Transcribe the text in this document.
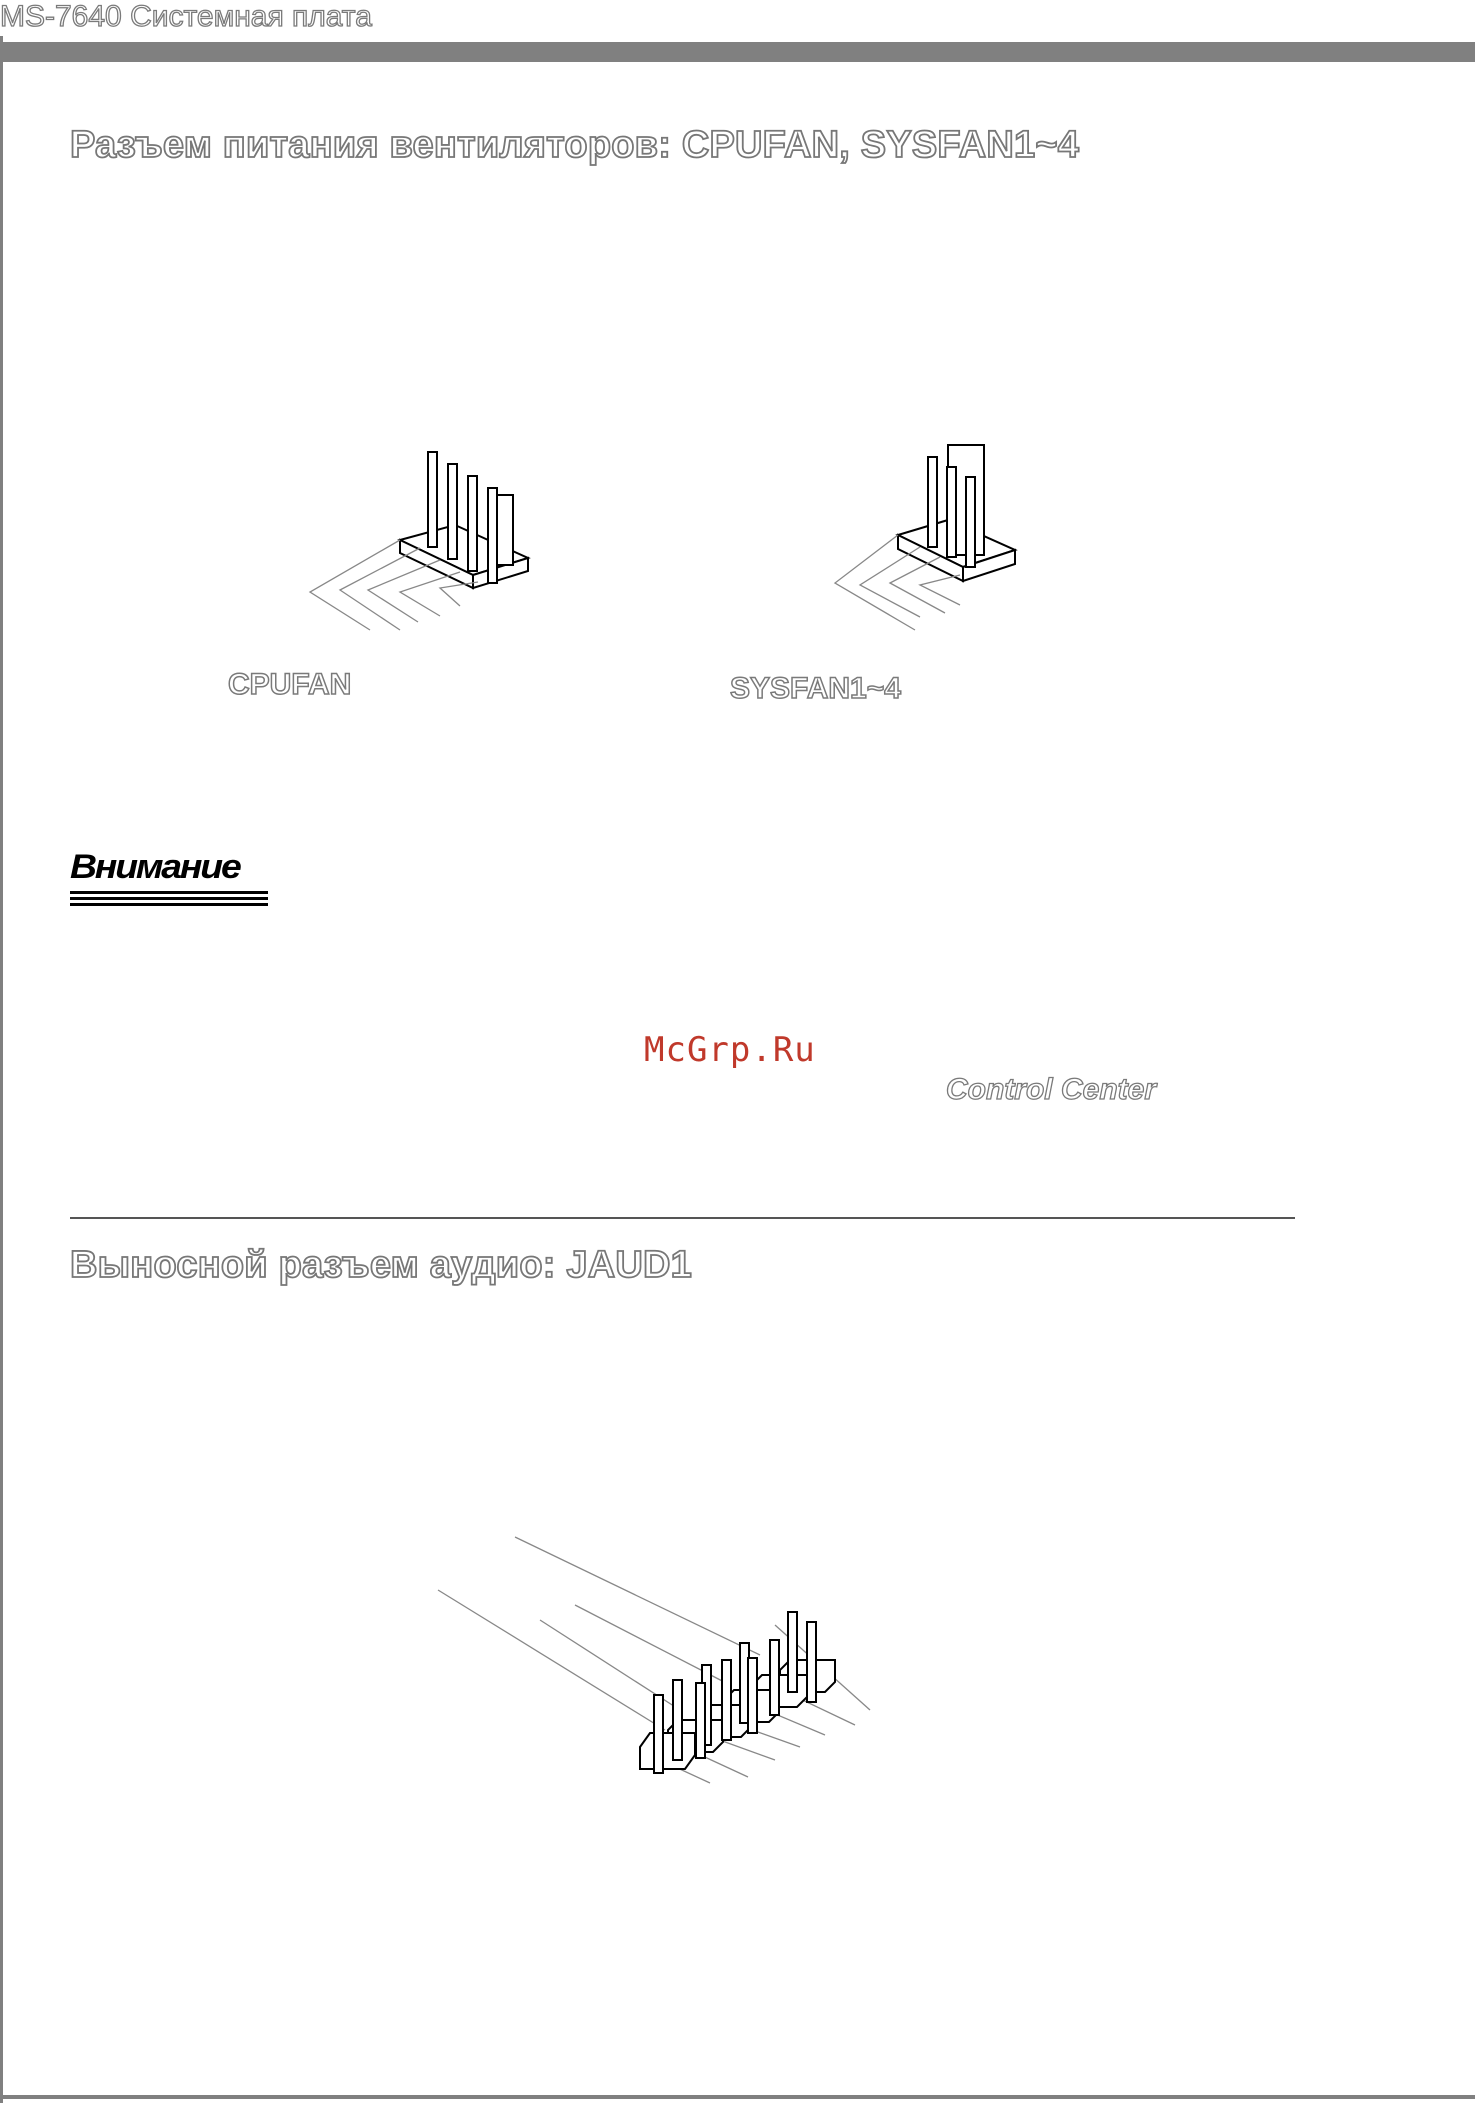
MS-7640 Системная плата
Разъем питания вентиляторов: CPUFAN, SYSFAN1~4
CPUFAN	SYSFAN1~4
Внимание
McGrp.Ru
Control Center
Выносной разъем аудио: JAUD1
